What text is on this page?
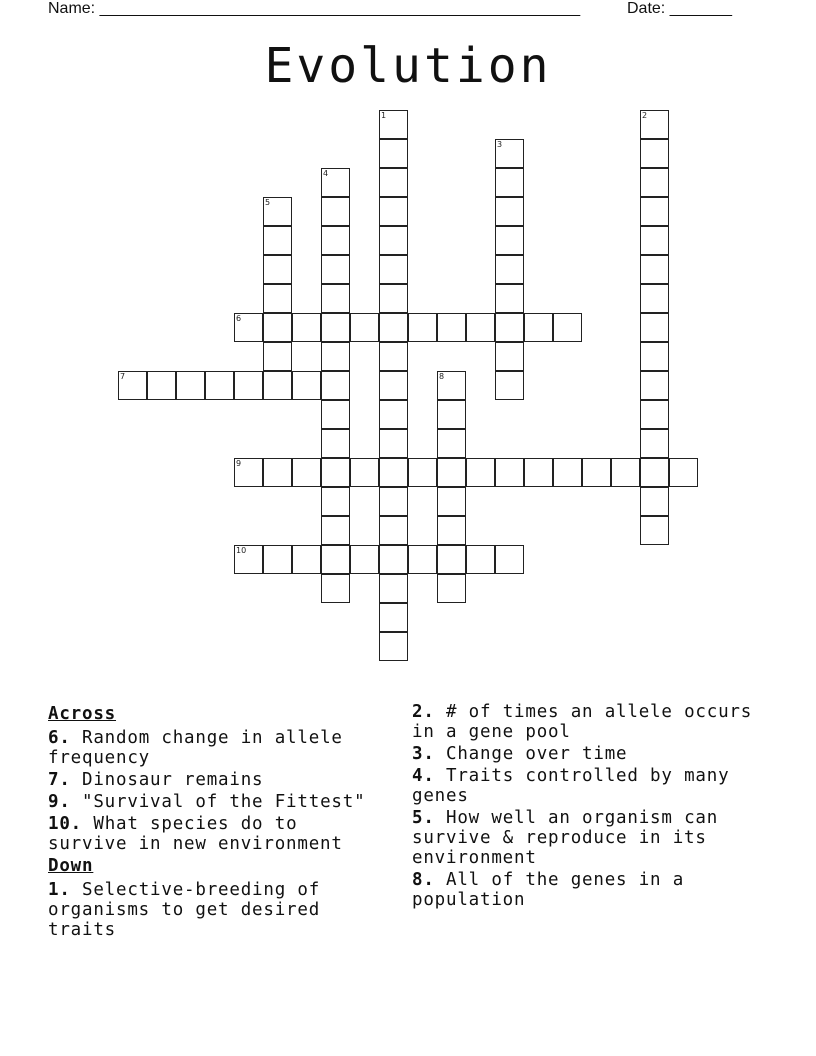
Name: ______________________________________________________	Date: _______
Evolution
1	2
3
4
5
6
7	8
9
10
Across
6. Random change in allele frequency
7. Dinosaur remains
9. "Survival of the Fittest"
10. What species do to survive in new environment
Down
1. Selective-breeding of organisms to get desired traits
2. # of times an allele occurs in a gene pool
3. Change over time
4. Traits controlled by many genes
5. How well an organism can survive & reproduce in its environment
8. All of the genes in a population
